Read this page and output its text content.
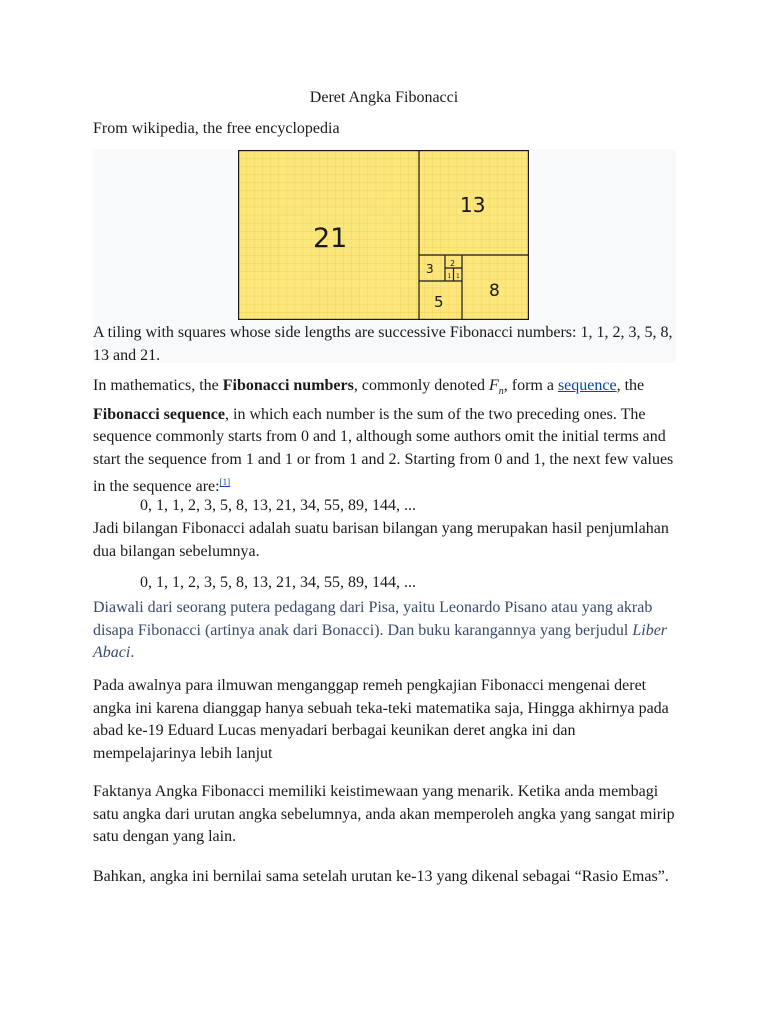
Deret Angka Fibonacci
From wikipedia, the free encyclopedia
21
13
8
5
3 2
1 1
A tiling with squares whose side lengths are successive Fibonacci numbers: 1, 1, 2, 3, 5, 8, 13 and 21.
In mathematics, the Fibonacci numbers, commonly denoted $F_n$, form a sequence, the Fibonacci sequence, in which each number is the sum of the two preceding ones. The sequence commonly starts from 0 and 1, although some authors omit the initial terms and start the sequence from 1 and 1 or from 1 and 2. Starting from 0 and 1, the next few values in the sequence are:[1]
0, 1, 1, 2, 3, 5, 8, 13, 21, 34, 55, 89, 144, ...
Jadi bilangan Fibonacci adalah suatu barisan bilangan yang merupakan hasil penjumlahan dua bilangan sebelumnya.
0, 1, 1, 2, 3, 5, 8, 13, 21, 34, 55, 89, 144, ...
Diawali dari seorang putera pedagang dari Pisa, yaitu Leonardo Pisano atau yang akrab disapa Fibonacci (artinya anak dari Bonacci). Dan buku karangannya yang berjudul Liber Abaci.
Pada awalnya para ilmuwan menganggap remeh pengkajian Fibonacci mengenai deret angka ini karena dianggap hanya sebuah teka-teki matematika saja, Hingga akhirnya pada abad ke-19 Eduard Lucas menyadari berbagai keunikan deret angka ini dan mempelajarinya lebih lanjut
Faktanya Angka Fibonacci memiliki keistimewaan yang menarik. Ketika anda membagi satu angka dari urutan angka sebelumnya, anda akan memperoleh angka yang sangat mirip satu dengan yang lain.
Bahkan, angka ini bernilai sama setelah urutan ke-13 yang dikenal sebagai “Rasio Emas”.
